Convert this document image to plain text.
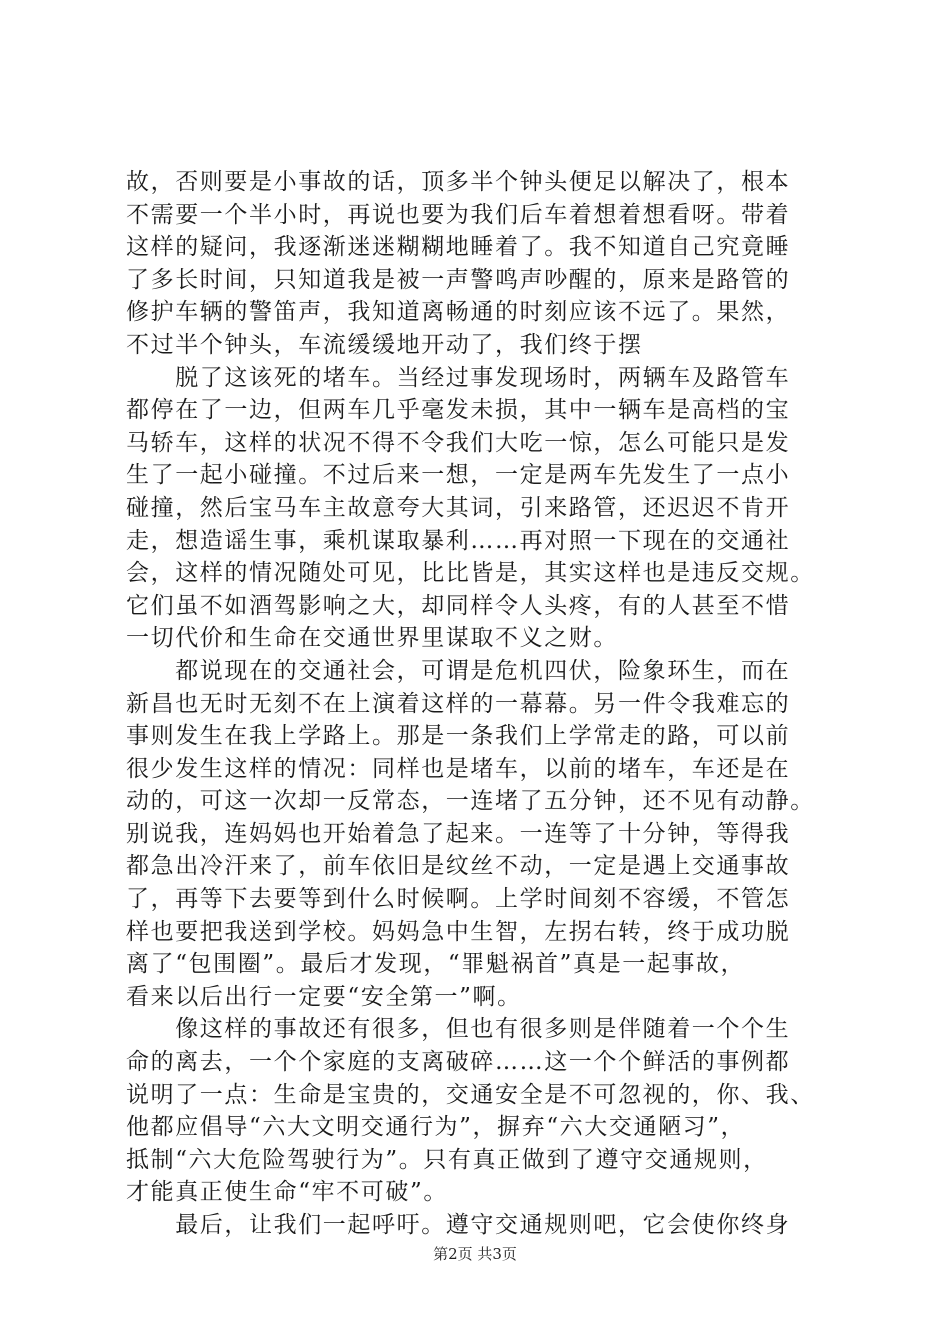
故，否则要是小事故的话，顶多半个钟头便足以解决了，根本
不需要一个半小时，再说也要为我们后车着想着想看呀。带着
这样的疑问，我逐渐迷迷糊糊地睡着了。我不知道自己究竟睡
了多长时间，只知道我是被一声警鸣声吵醒的，原来是路管的
修护车辆的警笛声，我知道离畅通的时刻应该不远了。果然，
不过半个钟头，车流缓缓地开动了，我们终于摆
　　脱了这该死的堵车。当经过事发现场时，两辆车及路管车
都停在了一边，但两车几乎毫发未损，其中一辆车是高档的宝
马轿车，这样的状况不得不令我们大吃一惊，怎么可能只是发
生了一起小碰撞。不过后来一想，一定是两车先发生了一点小
碰撞，然后宝马车主故意夸大其词，引来路管，还迟迟不肯开
走，想造谣生事，乘机谋取暴利……再对照一下现在的交通社
会，这样的情况随处可见，比比皆是，其实这样也是违反交规。
它们虽不如酒驾影响之大，却同样令人头疼，有的人甚至不惜
一切代价和生命在交通世界里谋取不义之财。
　　都说现在的交通社会，可谓是危机四伏，险象环生，而在
新昌也无时无刻不在上演着这样的一幕幕。另一件令我难忘的
事则发生在我上学路上。那是一条我们上学常走的路，可以前
很少发生这样的情况：同样也是堵车，以前的堵车，车还是在
动的，可这一次却一反常态，一连堵了五分钟，还不见有动静。
别说我，连妈妈也开始着急了起来。一连等了十分钟，等得我
都急出冷汗来了，前车依旧是纹丝不动，一定是遇上交通事故
了，再等下去要等到什么时候啊。上学时间刻不容缓，不管怎
样也要把我送到学校。妈妈急中生智，左拐右转，终于成功脱
离了“包围圈”。最后才发现，“罪魁祸首”真是一起事故，
看来以后出行一定要“安全第一”啊。
　　像这样的事故还有很多，但也有很多则是伴随着一个个生
命的离去，一个个家庭的支离破碎……这一个个鲜活的事例都
说明了一点：生命是宝贵的，交通安全是不可忽视的，你、我、
他都应倡导“六大文明交通行为”，摒弃“六大交通陋习”，
抵制“六大危险驾驶行为”。只有真正做到了遵守交通规则，
才能真正使生命“牢不可破”。
　　最后，让我们一起呼吁。遵守交通规则吧，它会使你终身
第2页 共3页
